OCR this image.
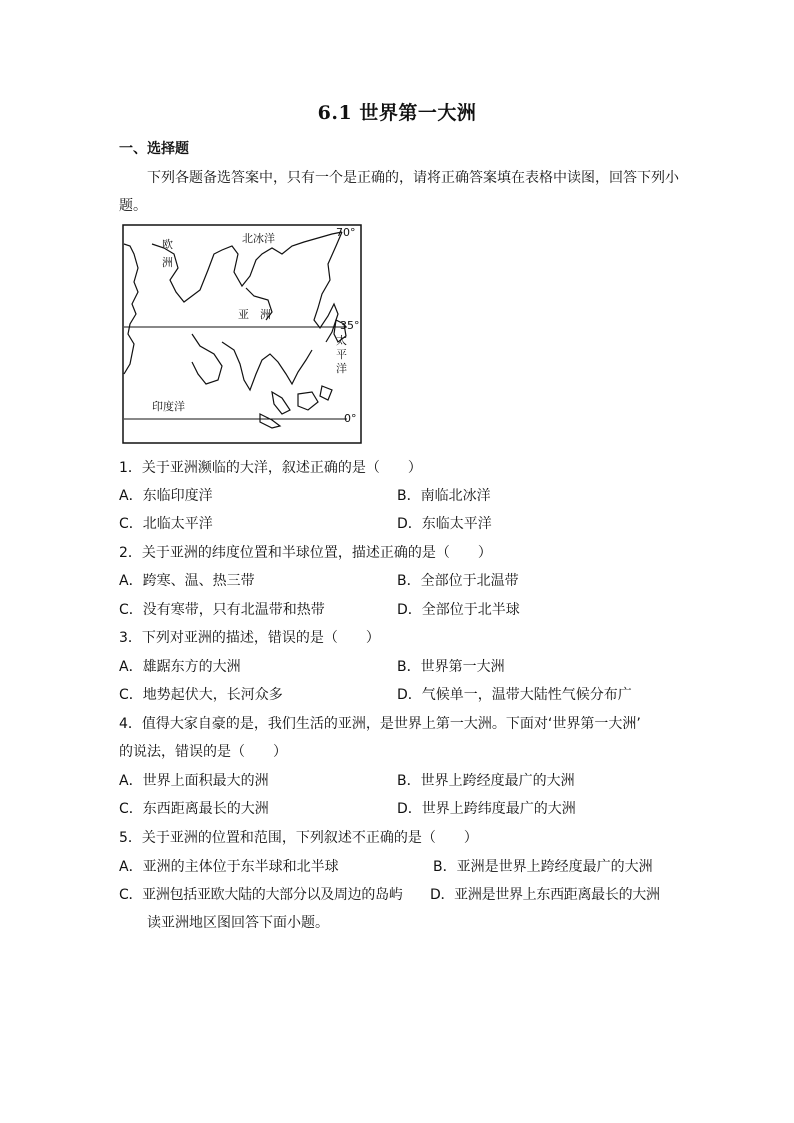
6.1 世界第一大洲
一、选择题
下列各题备选答案中，只有一个是正确的，请将正确答案填在表格中读图，回答下列小题。
欧
洲
北冰洋
亚　洲
太
平
洋
印度洋
70°
35°
0°
1．关于亚洲濒临的大洋，叙述正确的是（　　）
A．东临印度洋	B．南临北冰洋
C．北临太平洋	D．东临太平洋
2．关于亚洲的纬度位置和半球位置，描述正确的是（　　）
A．跨寒、温、热三带	B．全部位于北温带
C．没有寒带，只有北温带和热带	D．全部位于北半球
3．下列对亚洲的描述，错误的是（　　）
A．雄踞东方的大洲	B．世界第一大洲
C．地势起伏大，长河众多	D．气候单一，温带大陆性气候分布广
4．值得大家自豪的是，我们生活的亚洲，是世界上第一大洲。下面对‘世界第一大洲’
的说法，错误的是（　　）
A．世界上面积最大的洲	B．世界上跨经度最广的大洲
C．东西距离最长的大洲	D．世界上跨纬度最广的大洲
5．关于亚洲的位置和范围，下列叙述不正确的是（　　）
A．亚洲的主体位于东半球和北半球	B．亚洲是世界上跨经度最广的大洲
C．亚洲包括亚欧大陆的大部分以及周边的岛屿 D．亚洲是世界上东西距离最长的大洲
读亚洲地区图回答下面小题。
